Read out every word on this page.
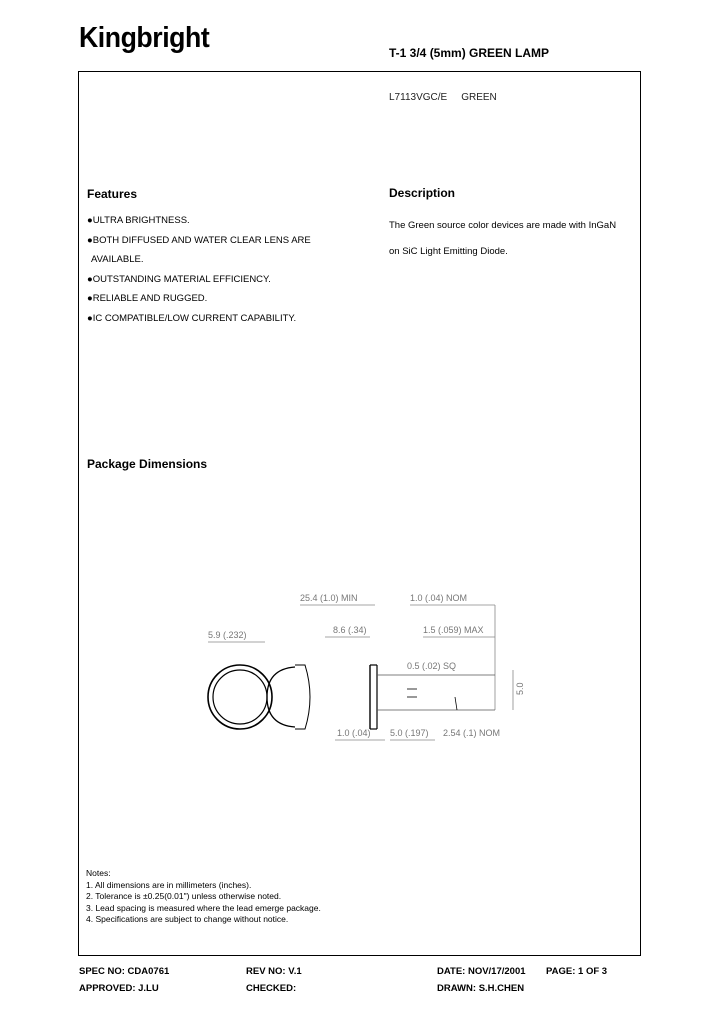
Kingbright	T-1 3/4 (5mm) GREEN LAMP
L7113VGC/E GREEN
Features
●ULTRA BRIGHTNESS.
●BOTH DIFFUSED AND WATER CLEAR LENS ARE
AVAILABLE.
●OUTSTANDING MATERIAL EFFICIENCY.
●RELIABLE AND RUGGED.
●IC COMPATIBLE/LOW CURRENT CAPABILITY.
Description
The Green source color devices are made with InGaN
on SiC Light Emitting Diode.
Package Dimensions
25.4 (1.0) MIN	1.0 (.04) NOM
5.9 (.232)	8.6 (.34)	1.5 (.059) MAX
0.5 (.02) SQ
1.0 (.04) 5.0 (.197) 2.54 (.1) NOM
5.0
Notes:
1. All dimensions are in millimeters (inches).
2. Tolerance is ±0.25(0.01") unless otherwise noted.
3. Lead spacing is measured where the lead emerge package.
4. Specifications are subject to change without notice.
SPEC NO: CDA0761	REV NO: V.1	DATE: NOV/17/2001 PAGE: 1 OF 3
APPROVED: J.LU	CHECKED:	DRAWN: S.H.CHEN
